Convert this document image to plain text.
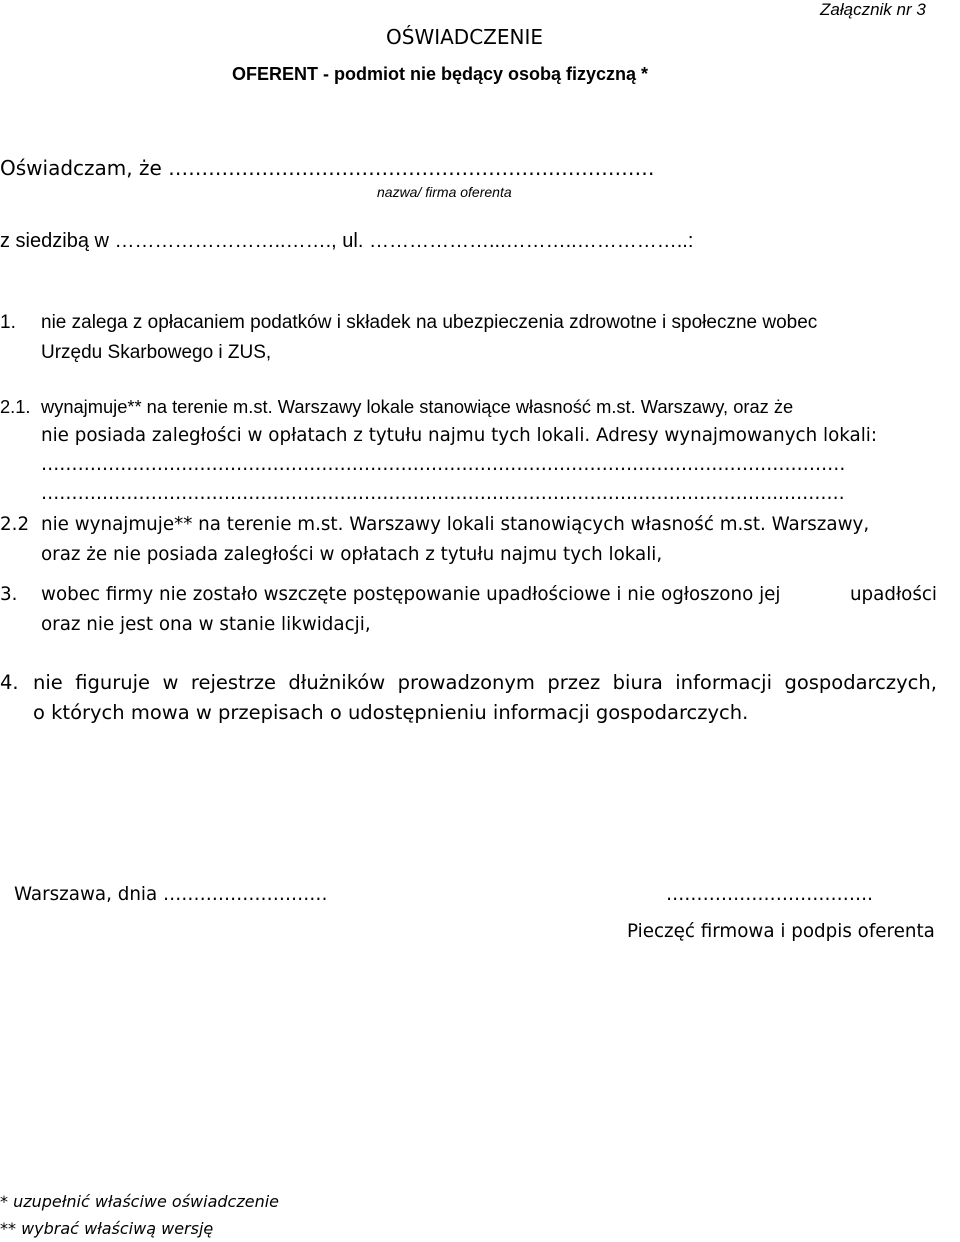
Załącznik nr 3
OŚWIADCZENIE
OFERENT - podmiot nie będący osobą fizyczną *
Oświadczam, że ………………………………………………….……………
nazwa/ firma oferenta
z siedzibą w ……………………..……., ul. ………………...………..……………..:
1. nie zalega z opłacaniem podatków i składek na ubezpieczenia zdrowotne i społeczne wobec
Urzędu Skarbowego i ZUS,
2.1. wynajmuje** na terenie m.st. Warszawy lokale stanowiące własność m.st. Warszawy, oraz że
nie posiada zaległości w opłatach z tytułu najmu tych lokali. Adresy wynajmowanych lokali:
……………………………………………………………………………………………………………………
…………………………………………………………………………………………………………..……….
2.2 nie wynajmuje** na terenie m.st. Warszawy lokali stanowiących własność m.st. Warszawy,
oraz że nie posiada zaległości w opłatach z tytułu najmu tych lokali,
3. wobec firmy nie zostało wszczęte postępowanie upadłościowe i nie ogłoszono jej	upadłości
oraz nie jest ona w stanie likwidacji,
4. nie figuruje w rejestrze dłużników prowadzonym przez biura informacji gospodarczych,
o których mowa w przepisach o udostępnieniu informacji gospodarczych.
Warszawa, dnia ………………………	…………………………….
Pieczęć firmowa i podpis oferenta
* uzupełnić właściwe oświadczenie
** wybrać właściwą wersję
